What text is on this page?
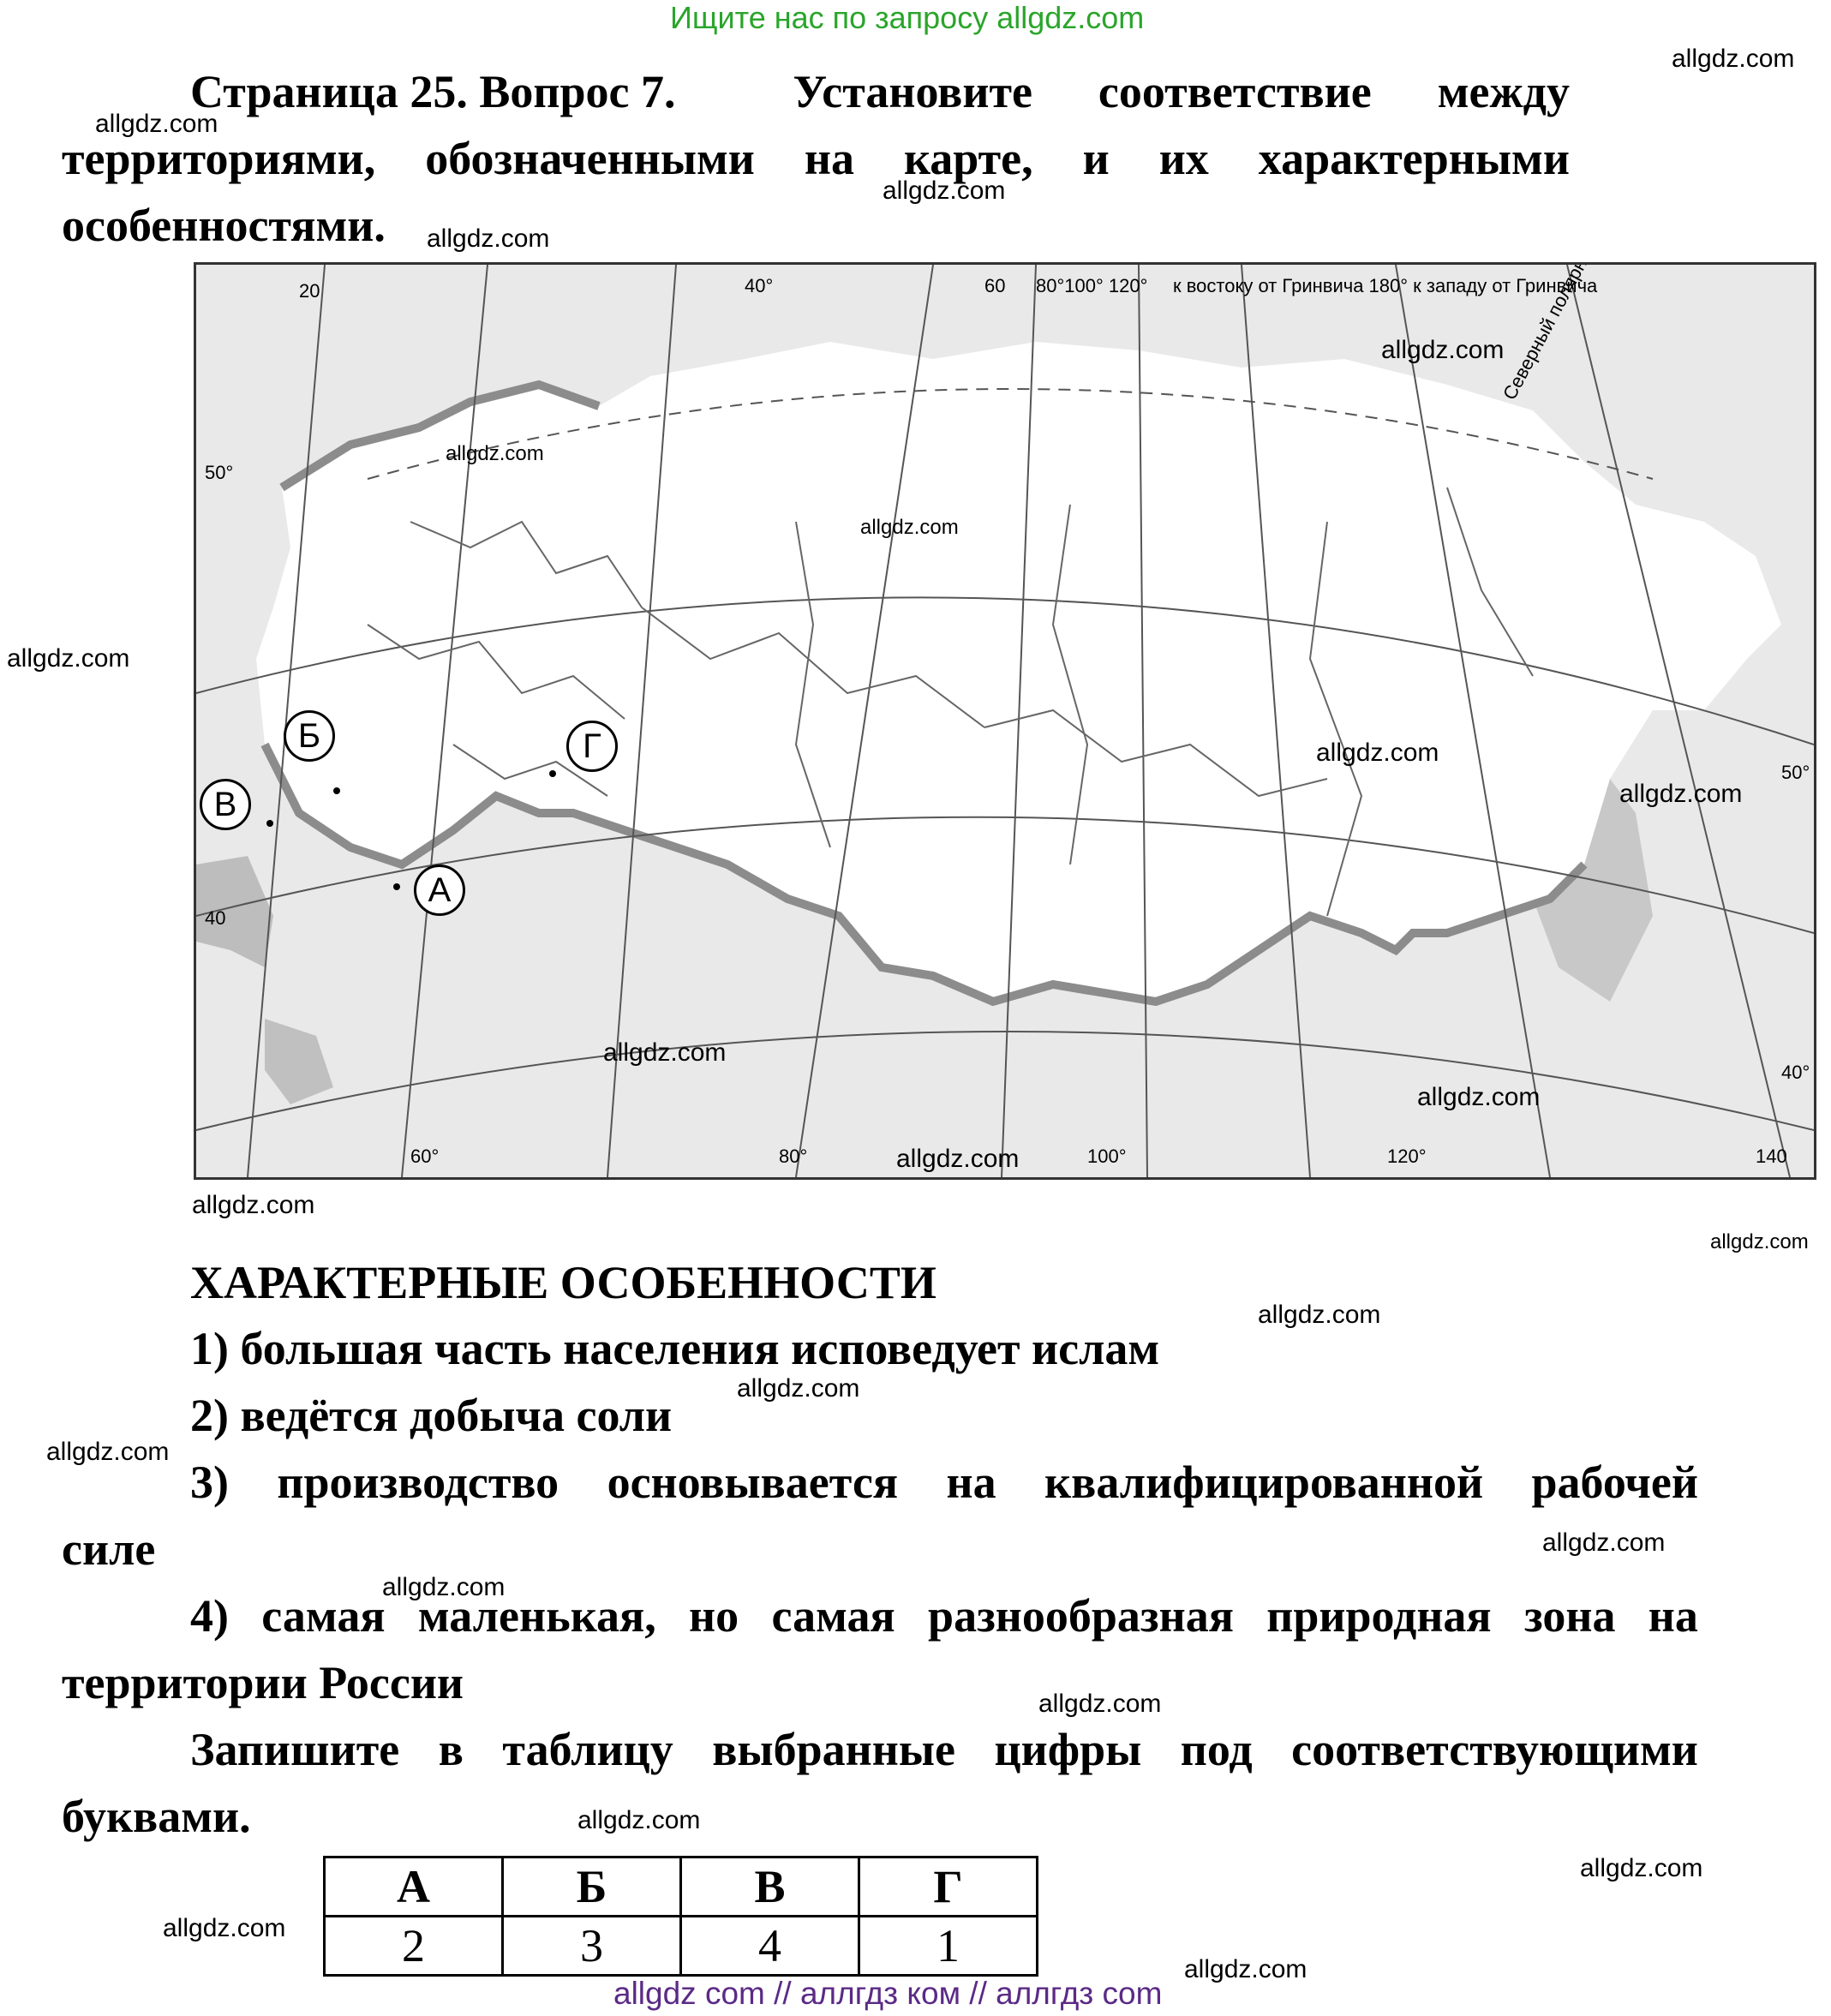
Ищите нас по запросу allgdz.com
Страница 25. Вопрос 7.	Установите соответствие между
территориями, обозначенными на карте, и их характерными
особенностями.
40°
20	60 80°100° 120° к востоку от Гринвича 180° к западу от Гринвича
60°	80°	100°	120°	140
50°
40
50°
40°
Б	Г
В
А
ХАРАКТЕРНЫЕ ОСОБЕННОСТИ
1) большая часть населения исповедует ислам
2) ведётся добыча соли
3) производство основывается на квалифицированной рабочей
силе
4) самая маленькая, но самая разнообразная природная зона на
территории России
Запишите в таблицу выбранные цифры под соответствующими
буквами.
А	Б	В	Г
2	3	4	1
allgdz.com
allgdz.com
allgdz.com
allgdz.com
allgdz.com
allgdz.com
allgdz.com
allgdz.com
allgdz.com
allgdz.com
allgdz.com
allgdz.com
allgdz.com
allgdz.com
allgdz.com
allgdz.com
allgdz.com
allgdz.com
allgdz.com
allgdz.com
allgdz.com
allgdz.com
allgdz.com
allgdz.com
allgdz.com
allgdz com // аллгдз ком // аллгдз com
